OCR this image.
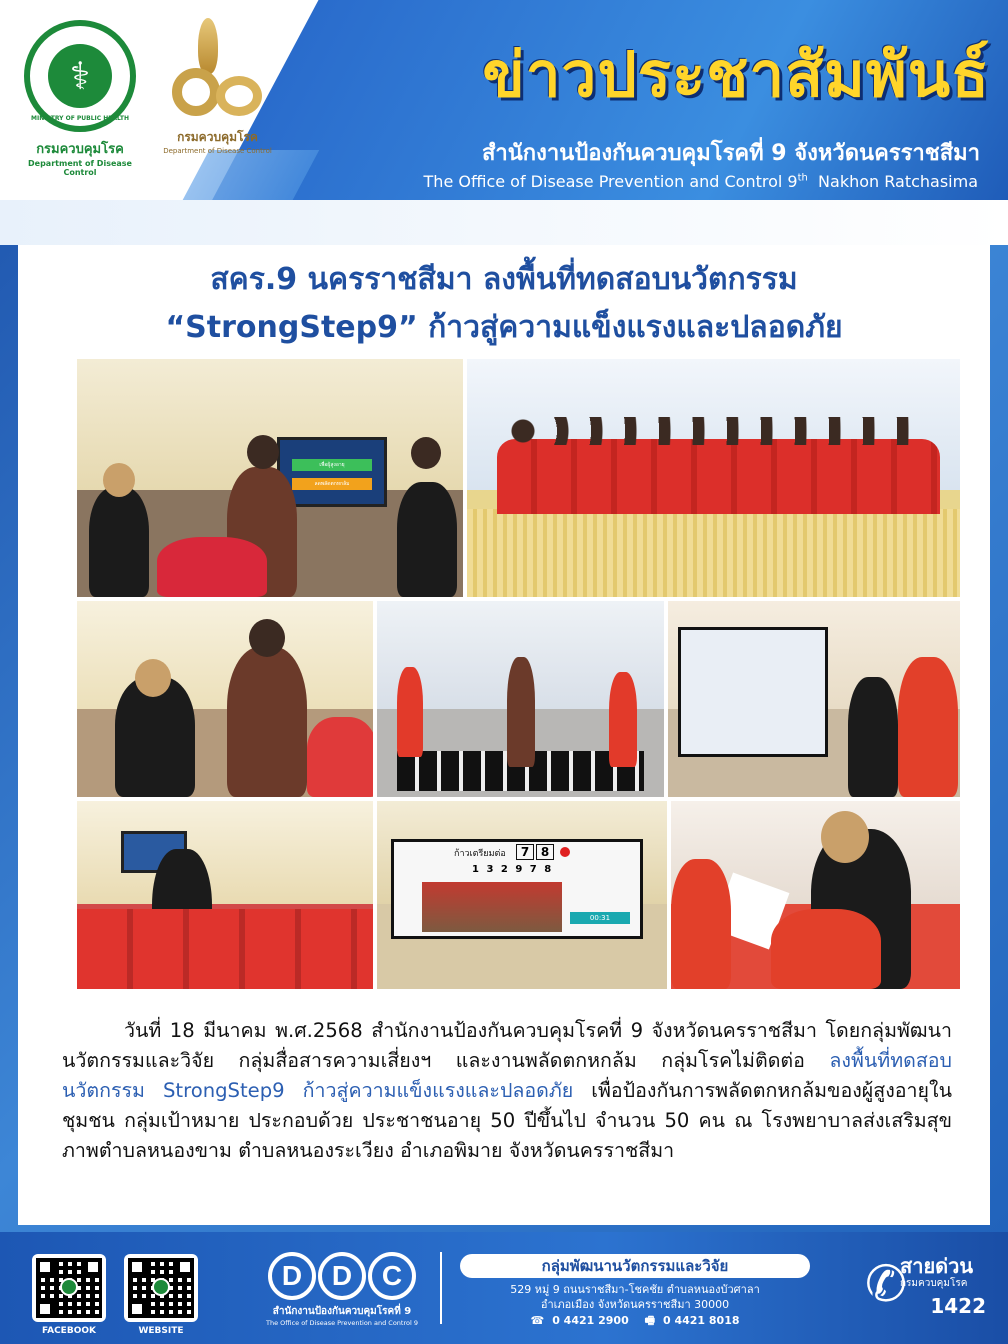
⚕
MINISTRY OF PUBLIC HEALTH
กรมควบคุมโรค
Department of Disease Control
กรมควบคุมโรค
Department of Disease Control
ข่าวประชาสัมพันธ์
สำนักงานป้องกันควบคุมโรคที่ 9 จังหวัดนครราชสีมา
The Office of Disease Prevention and Control 9th Nakhon Ratchasima
สคร.9 นครราชสีมา ลงพื้นที่ทดสอบนวัตกรรม
“StrongStep9” ก้าวสู่ความแข็งแรงและปลอดภัย
เพื่อผู้สูงอายุ
ลดพลัดตกหกล้ม
ก้าวเตรียมต่อ	7 8
1 3 2 9 7 8
00:31
วันที่ 18 มีนาคม พ.ศ.2568 สำนักงานป้องกันควบคุมโรคที่ 9 จังหวัดนครราชสีมา โดยกลุ่มพัฒนานวัตกรรมและวิจัย กลุ่มสื่อสารความเสี่ยงฯ และงานพลัดตกหกล้ม กลุ่มโรคไม่ติดต่อ ลงพื้นที่ทดสอบนวัตกรรม StrongStep9 ก้าวสู่ความแข็งแรงและปลอดภัย เพื่อป้องกันการพลัดตกหกล้มของผู้สูงอายุในชุมชน กลุ่มเป้าหมาย ประกอบด้วย ประชาชนอายุ 50 ปีขึ้นไป จำนวน 50 คน ณ โรงพยาบาลส่งเสริมสุขภาพตำบลหนองขาม ตำบลหนองระเวียง อำเภอพิมาย จังหวัดนครราชสีมา
FACEBOOK	WEBSITE
D	D	C
สำนักงานป้องกันควบคุมโรคที่ 9
The Office of Disease Prevention and Control 9
กลุ่มพัฒนานวัตกรรมและวิจัย
529 หมู่ 9 ถนนราชสีมา-โชคชัย ตำบลหนองบัวศาลา
อำเภอเมือง จังหวัดนครราชสีมา 30000
☎ 0 4421 2900 🖷 0 4421 8018
✆
สายด่วน
กรมควบคุมโรค
1422
